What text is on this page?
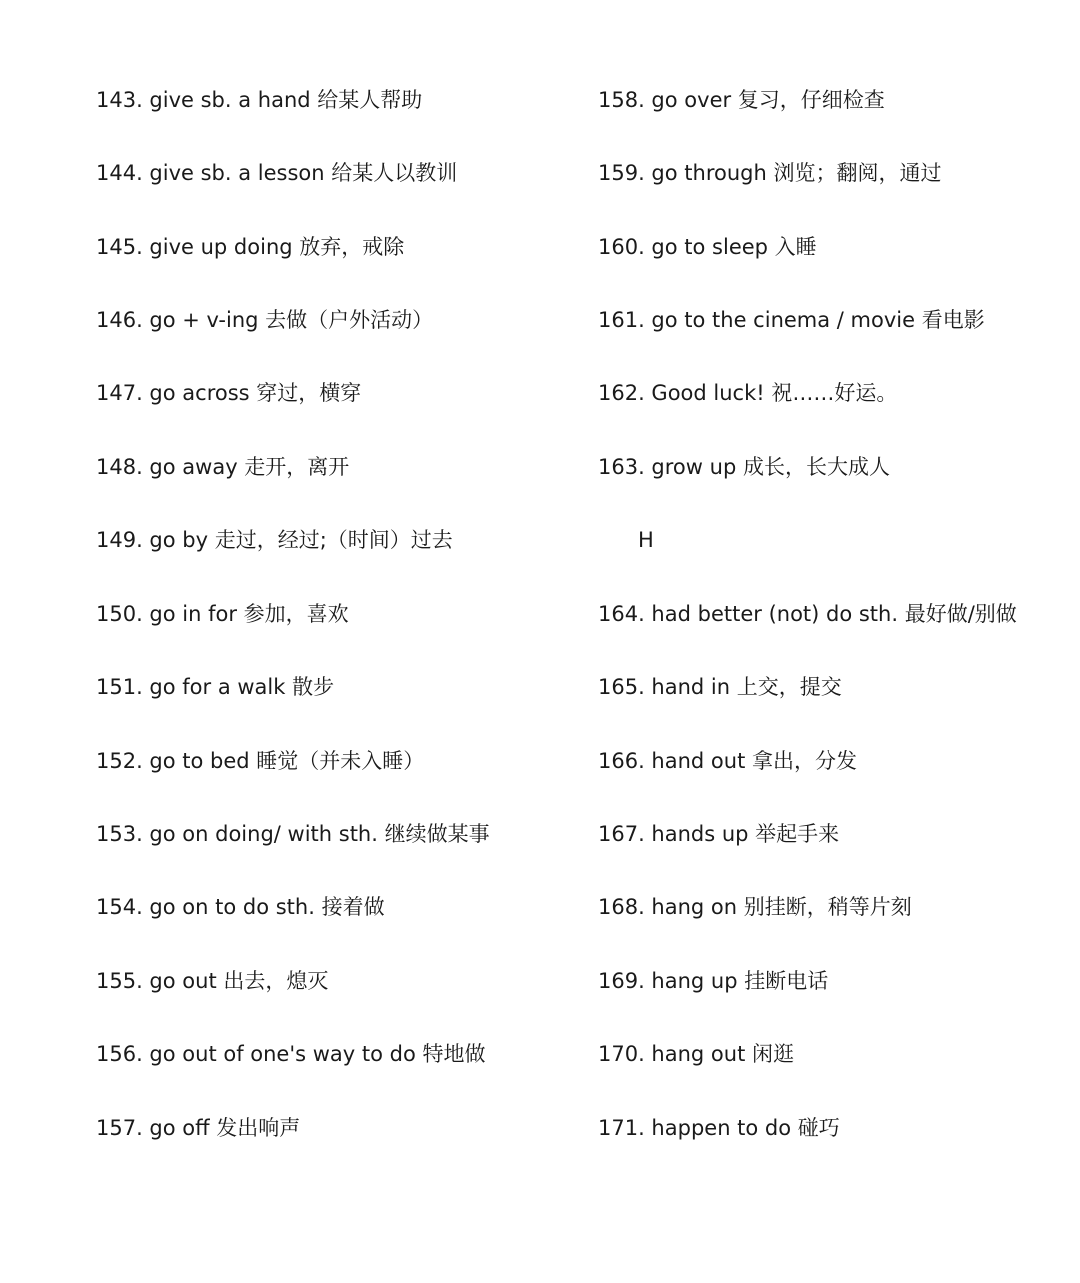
143. give sb. a hand 给某人帮助
144. give sb. a lesson 给某人以教训
145. give up doing 放弃，戒除
146. go + v-ing 去做（户外活动）
147. go across 穿过，横穿
148. go away 走开，离开
149. go by 走过，经过;（时间）过去
150. go in for 参加，喜欢
151. go for a walk 散步
152. go to bed 睡觉（并未入睡）
153. go on doing/ with sth. 继续做某事
154. go on to do sth. 接着做
155. go out 出去，熄灭
156. go out of one's way to do 特地做
157. go off 发出响声
158. go over 复习，仔细检查
159. go through 浏览；翻阅，通过
160. go to sleep 入睡
161. go to the cinema / movie 看电影
162. Good luck! 祝……好运。
163. grow up 成长，长大成人
H
164. had better (not) do sth. 最好做/别做
165. hand in 上交，提交
166. hand out 拿出，分发
167. hands up 举起手来
168. hang on 别挂断，稍等片刻
169. hang up 挂断电话
170. hang out 闲逛
171. happen to do 碰巧
